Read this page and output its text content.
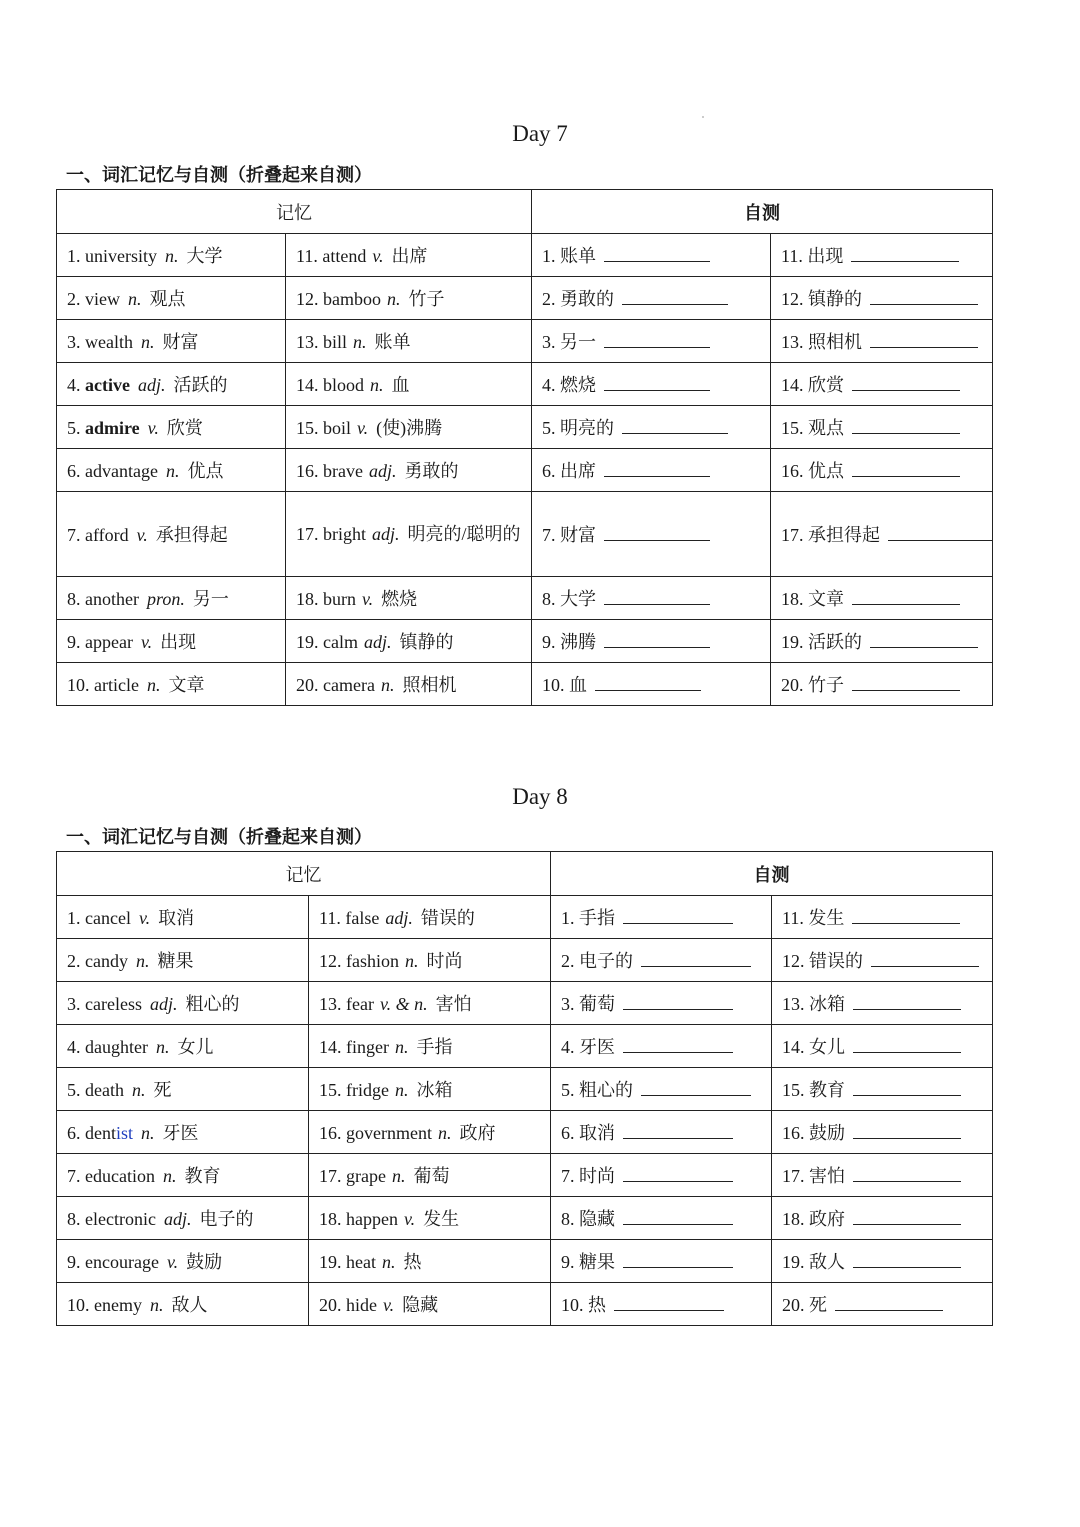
Day 7
一、词汇记忆与自测（折叠起来自测）
记忆		自测	
1. university n. 大学	11. attend v. 出席	1. 账单	11. 出现
2. view n. 观点	12. bamboo n. 竹子	2. 勇敢的	12. 镇静的
3. wealth n. 财富	13. bill n. 账单	3. 另一	13. 照相机
4. active adj. 活跃的	14. blood n. 血	4. 燃烧	14. 欣赏
5. admire v. 欣赏	15. boil v. (使)沸腾	5. 明亮的	15. 观点
6. advantage n. 优点	16. brave adj. 勇敢的	6. 出席	16. 优点
7. afford v. 承担得起	17. bright adj. 明亮的/聪明的	7. 财富	17. 承担得起
8. another pron. 另一	18. burn v. 燃烧	8. 大学	18. 文章
9. appear v. 出现	19. calm adj. 镇静的	9. 沸腾	19. 活跃的
10. article n. 文章	20. camera n. 照相机	10. 血	20. 竹子
Day 8
一、词汇记忆与自测（折叠起来自测）
记忆		自测	
1. cancel v. 取消	11. false adj. 错误的	1. 手指	11. 发生
2. candy n. 糖果	12. fashion n. 时尚	2. 电子的	12. 错误的
3. careless adj. 粗心的	13. fear v. & n. 害怕	3. 葡萄	13. 冰箱
4. daughter n. 女儿	14. finger n. 手指	4. 牙医	14. 女儿
5. death n. 死	15. fridge n. 冰箱	5. 粗心的	15. 教育
6. dentist n. 牙医	16. government n. 政府	6. 取消	16. 鼓励
7. education n. 教育	17. grape n. 葡萄	7. 时尚	17. 害怕
8. electronic adj. 电子的	18. happen v. 发生	8. 隐藏	18. 政府
9. encourage v. 鼓励	19. heat n. 热	9. 糖果	19. 敌人
10. enemy n. 敌人	20. hide v. 隐藏	10. 热	20. 死
